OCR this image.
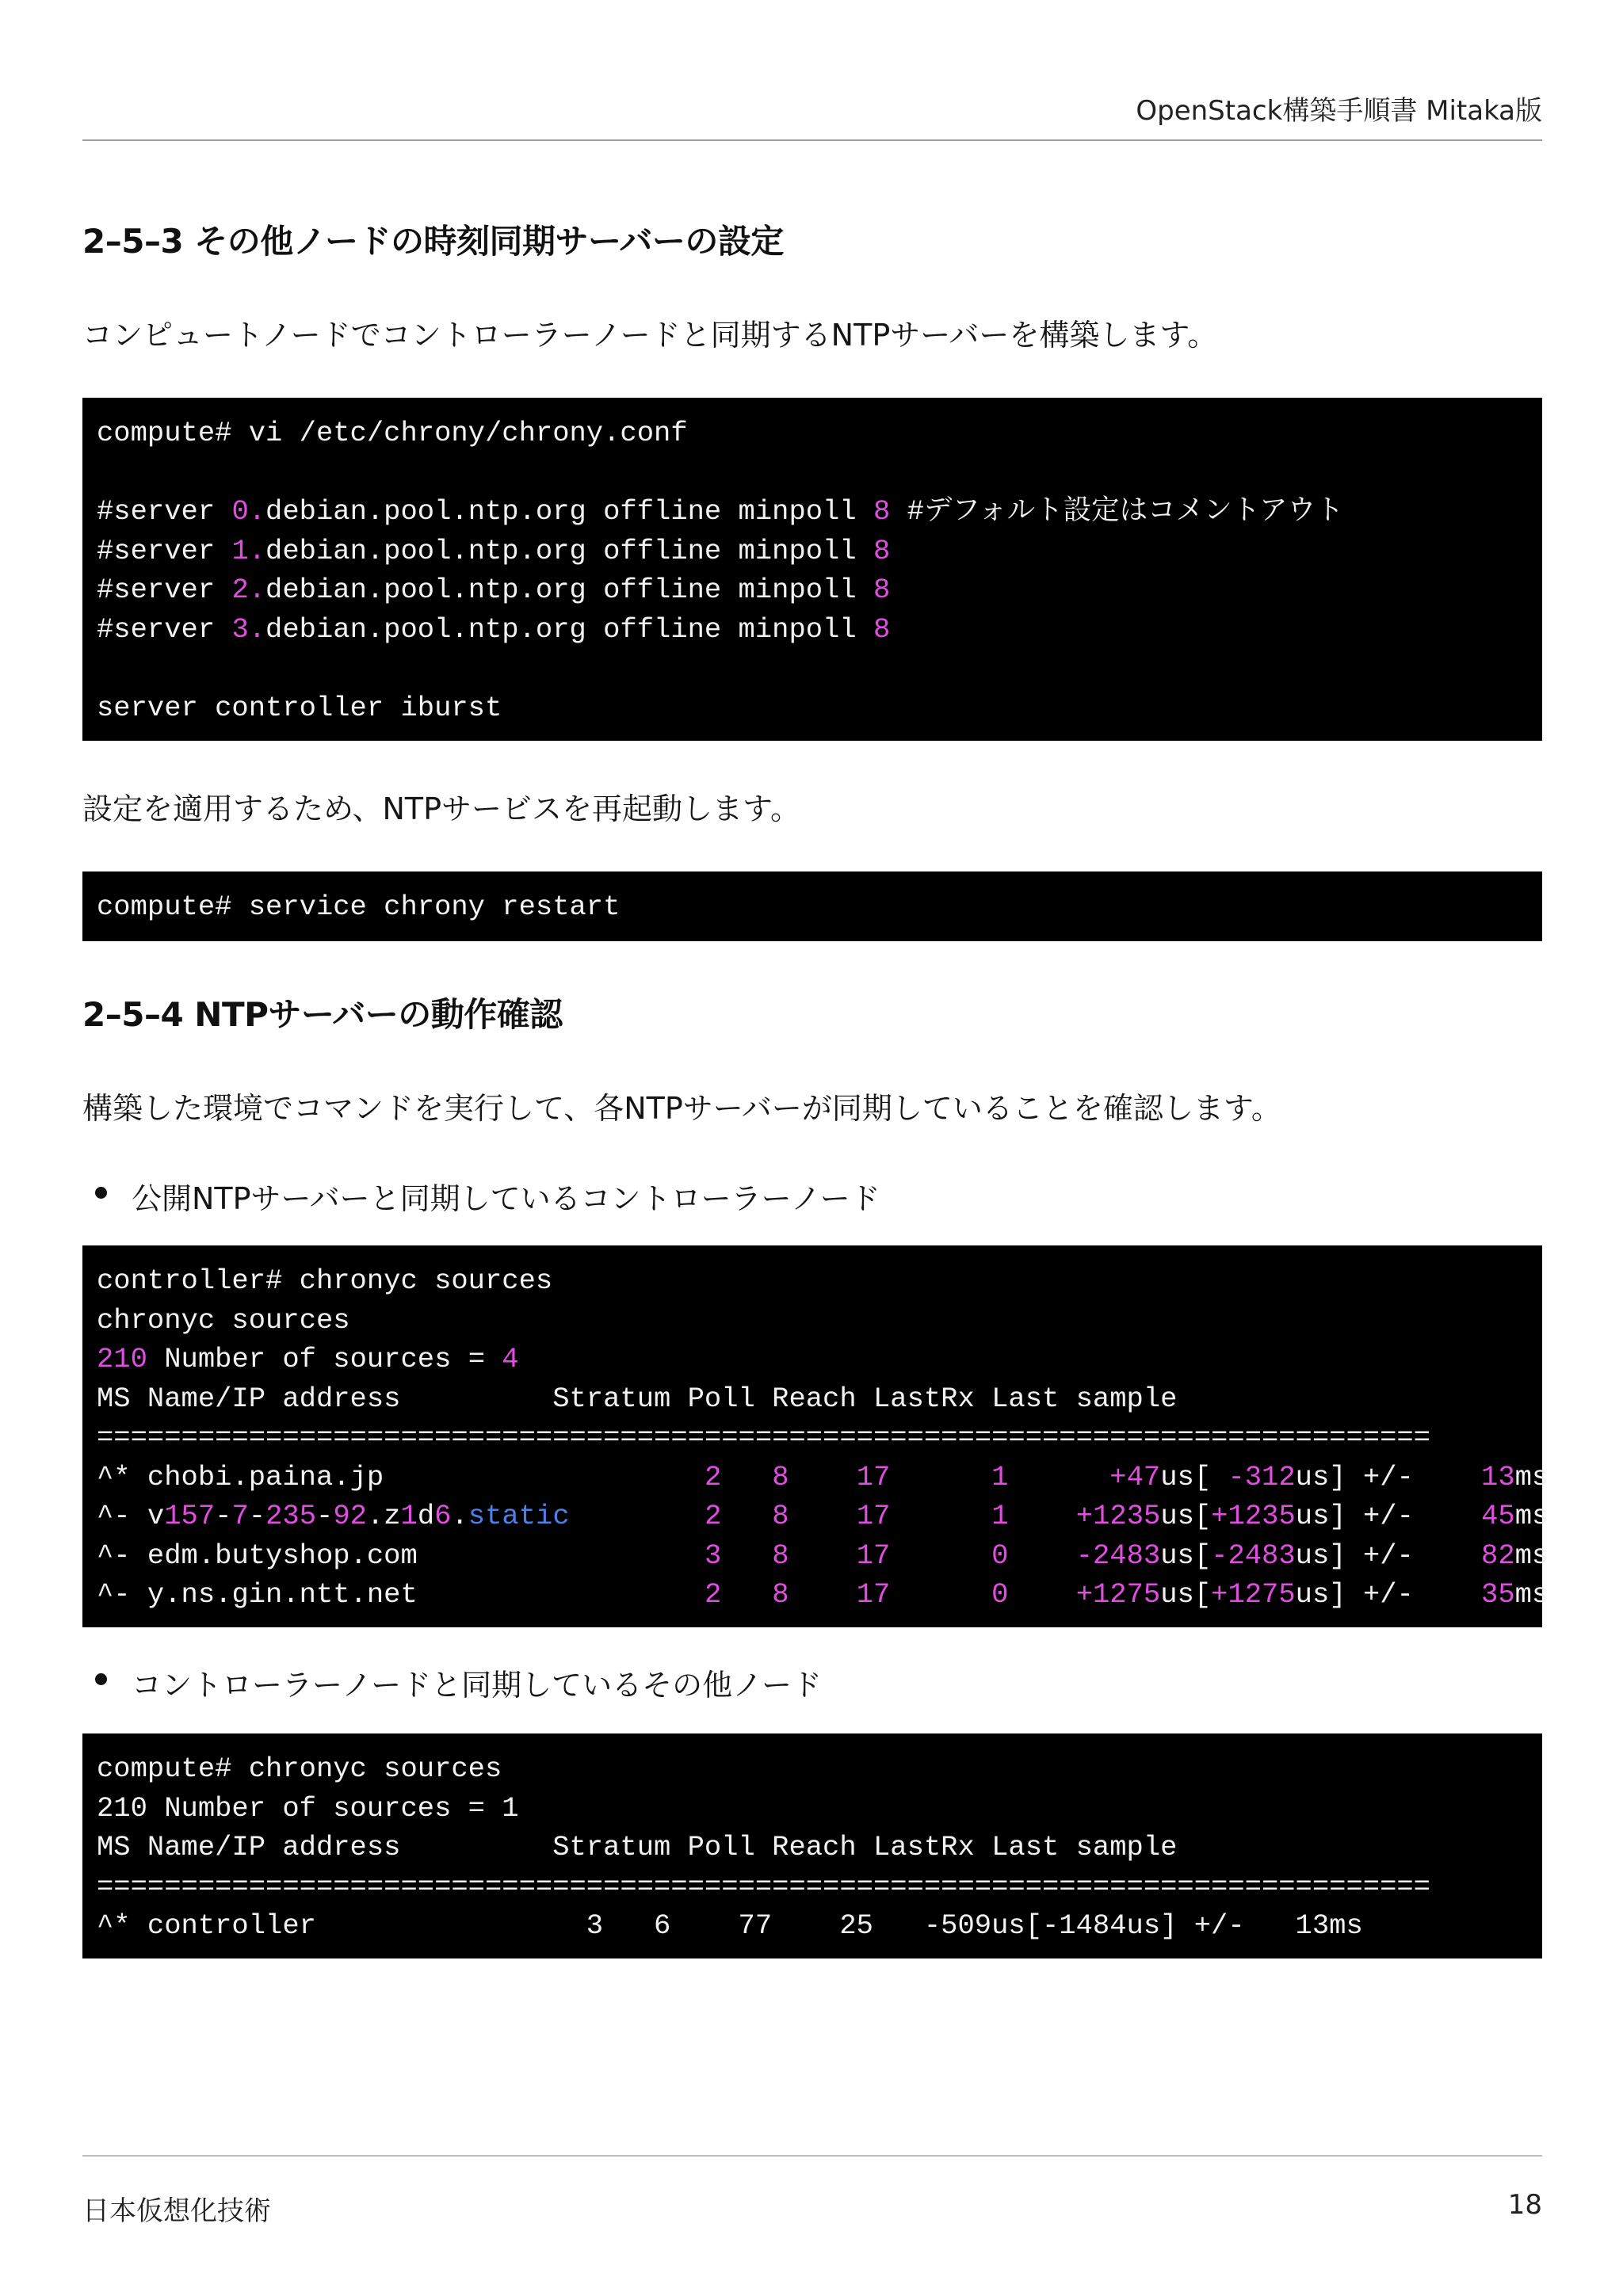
OpenStack構築手順書 Mitaka版
2–5–3 その他ノードの時刻同期サーバーの設定
コンピュートノードでコントローラーノードと同期するNTPサーバーを構築します。
compute# vi /etc/chrony/chrony.conf
#server 0.debian.pool.ntp.org offline minpoll 8 #デフォルト設定はコメントアウト
#server 1.debian.pool.ntp.org offline minpoll 8
#server 2.debian.pool.ntp.org offline minpoll 8
#server 3.debian.pool.ntp.org offline minpoll 8
server controller iburst
設定を適用するため、NTPサービスを再起動します。
compute# service chrony restart
2–5–4 NTPサーバーの動作確認
構築した環境でコマンドを実行して、各NTPサーバーが同期していることを確認します。
公開NTPサーバーと同期しているコントローラーノード
controller# chronyc sources
chronyc sources
210 Number of sources = 4
MS Name/IP address         Stratum Poll Reach LastRx Last sample
===============================================================================
^* chobi.paina.jp	2 8 17	1	+47us[ -312us] +/- 13ms
^- v157-7-235-92.z1d6.static	2 8 17	1 +1235us[+1235us] +/- 45ms
^- edm.butyshop.com	3 8 17	0 -2483us[-2483us] +/- 82ms
^- y.ns.gin.ntt.net	2 8 17	0 +1275us[+1275us] +/- 35ms
コントローラーノードと同期しているその他ノード
compute# chronyc sources
210 Number of sources = 1
MS Name/IP address         Stratum Poll Reach LastRx Last sample
===============================================================================
^* controller                3   6    77    25   -509us[-1484us] +/-   13ms
日本仮想化技術	18
